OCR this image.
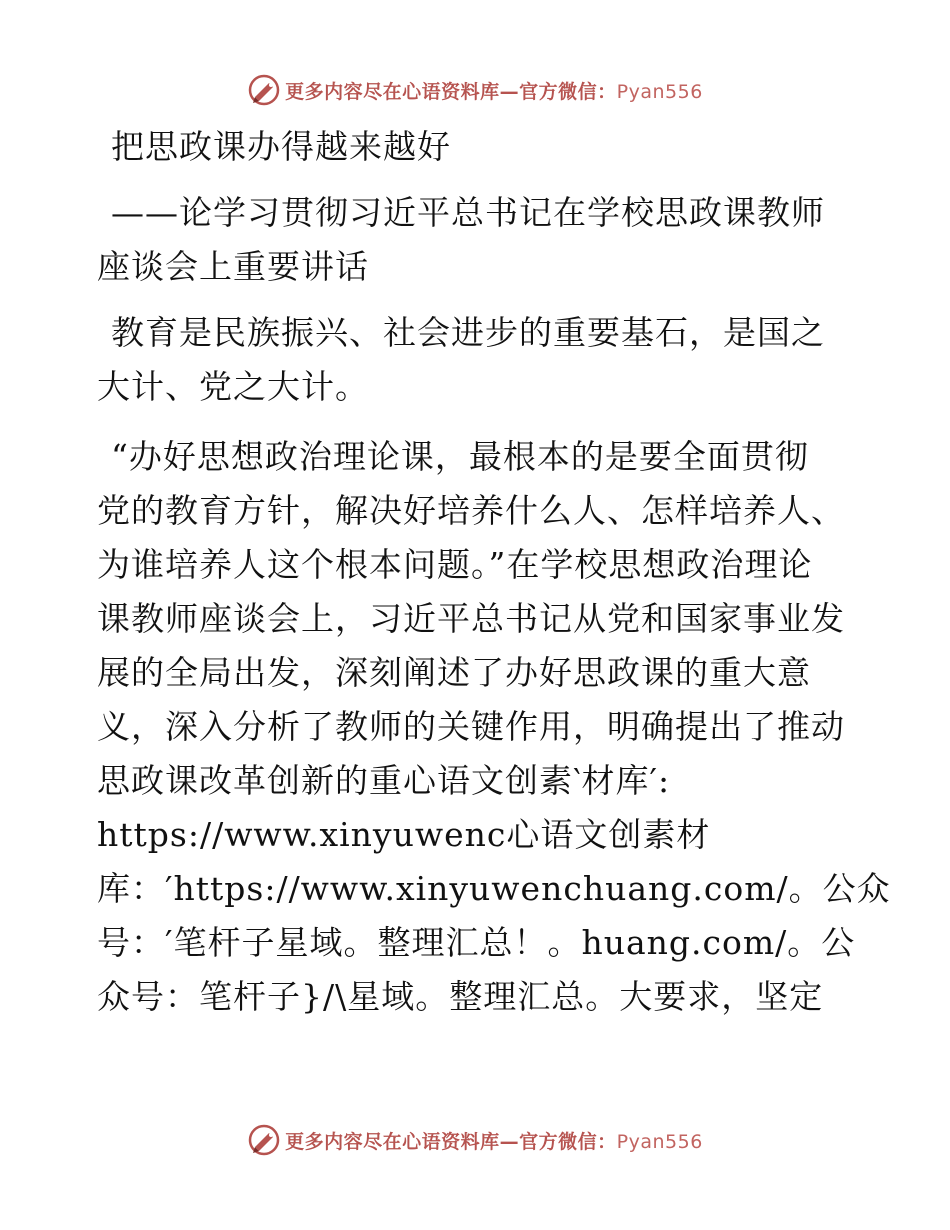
更多内容尽在心语资料库—官方微信：Pyan556
把思政课办得越来越好
——论学习贯彻习近平总书记在学校思政课教师
座谈会上重要讲话
教育是民族振兴、社会进步的重要基石，是国之
大计、党之大计。
“办好思想政治理论课，最根本的是要全面贯彻
党的教育方针，解决好培养什么人、怎样培养人、
为谁培养人这个根本问题。”在学校思想政治理论
课教师座谈会上，习近平总书记从党和国家事业发
展的全局出发，深刻阐述了办好思政课的重大意
义，深入分析了教师的关键作用，明确提出了推动
思政课改革创新的重心语文创素‵材库′:
https://www.xinyuwenc心语文创素材
库：′https://www.xinyuwenchuang.com/。公众
号：′笔杆子星域。整理汇总！。huang.com/。公
众号：笔杆子}/\星域。整理汇总。大要求，坚定
更多内容尽在心语资料库—官方微信：Pyan556
